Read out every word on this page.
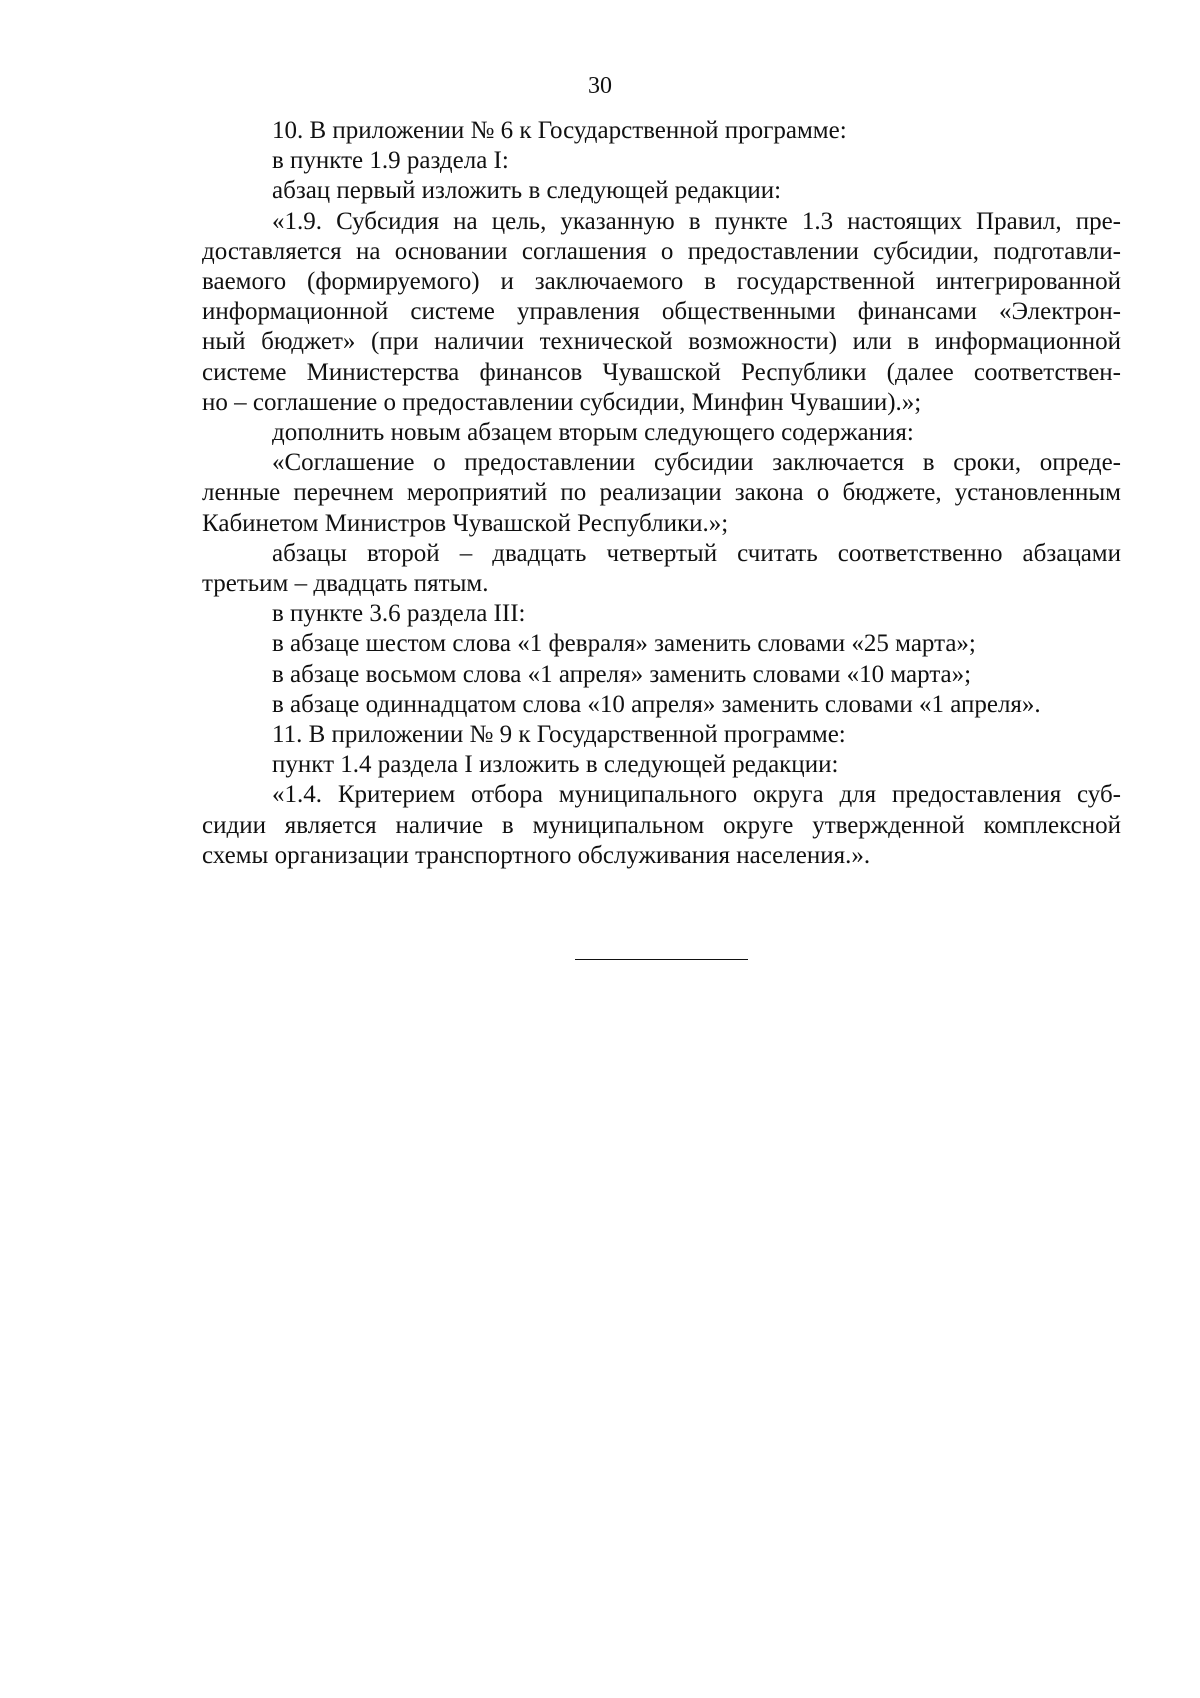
30
10. В приложении № 6 к Государственной программе:
в пункте 1.9 раздела I:
абзац первый изложить в следующей редакции:
«1.9. Субсидия на цель, указанную в пункте 1.3 настоящих Правил, пре-
доставляется на основании соглашения о предоставлении субсидии, подготавли-
ваемого (формируемого) и заключаемого в государственной интегрированной
информационной системе управления общественными финансами «Электрон-
ный бюджет» (при наличии технической возможности) или в информационной
системе Министерства финансов Чувашской Республики (далее соответствен-
но – соглашение о предоставлении субсидии, Минфин Чувашии).»;
дополнить новым абзацем вторым следующего содержания:
«Соглашение о предоставлении субсидии заключается в сроки, опреде-
ленные перечнем мероприятий по реализации закона о бюджете, установленным
Кабинетом Министров Чувашской Республики.»;
абзацы второй – двадцать четвертый считать соответственно абзацами
третьим – двадцать пятым.
в пункте 3.6 раздела III:
в абзаце шестом слова «1 февраля» заменить словами «25 марта»;
в абзаце восьмом слова «1 апреля» заменить словами «10 марта»;
в абзаце одиннадцатом слова «10 апреля» заменить словами «1 апреля».
11. В приложении № 9 к Государственной программе:
пункт 1.4 раздела I изложить в следующей редакции:
«1.4. Критерием отбора муниципального округа для предоставления суб-
сидии является наличие в муниципальном округе утвержденной комплексной
схемы организации транспортного обслуживания населения.».
